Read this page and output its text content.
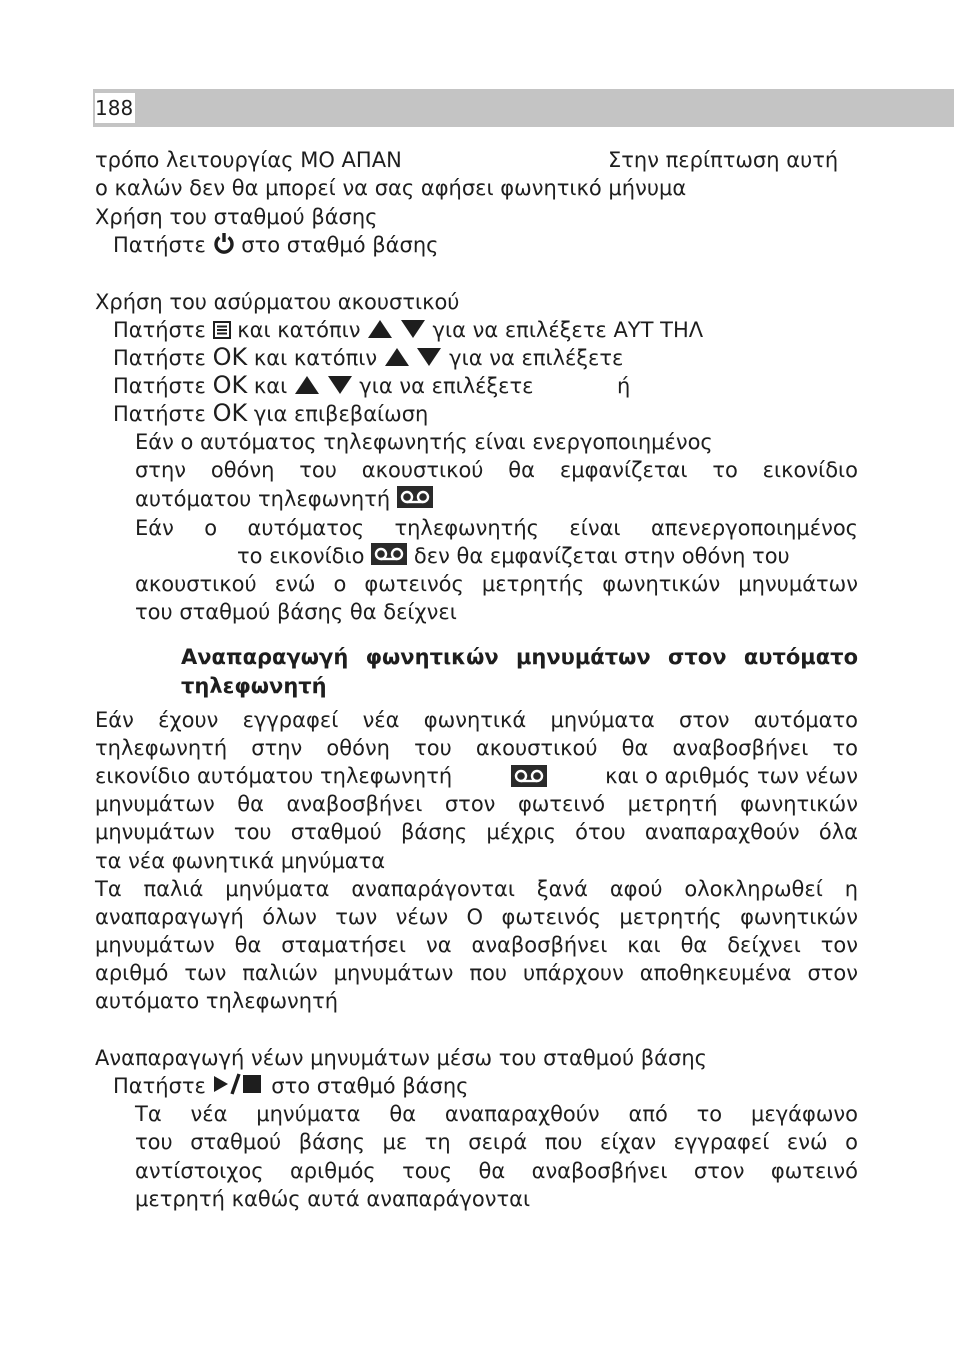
188
τρόπο λειτουργίας ΜΟ ΑΠΑΝ	Στην περίπτωση αυτή
ο καλών δεν θα μπορεί να σας αφήσει φωνητικό μήνυμα
Χρήση του σταθμού βάσης
Πατήστε στο σταθμό βάσης
Χρήση του ασύρματου ακουστικού
Πατήστε και κατόπιν	για να επιλέξετε ΑΥΤ ΤΗΛ
Πατήστε OK και κατόπιν	για να επιλέξετε
Πατήστε OK και	για να επιλέξετε	ή
Πατήστε OK για επιβεβαίωση
Εάν ο αυτόματος τηλεφωνητής είναι ενεργοποιημένος
στην οθόνη του ακουστικού θα εμφανίζεται το εικονίδιο
αυτόματου τηλεφωνητή
Εάν ο αυτόματος τηλεφωνητής είναι απενεργοποιημένος
το εικονίδιο δεν θα εμφανίζεται στην οθόνη του
ακουστικού ενώ ο φωτεινός μετρητής φωνητικών μηνυμάτων
του σταθμού βάσης θα δείχνει
Αναπαραγωγή φωνητικών μηνυμάτων στον αυτόματο
τηλεφωνητή
Εάν έχουν εγγραφεί νέα φωνητικά μηνύματα στον αυτόματο
τηλεφωνητή στην οθόνη του ακουστικού θα αναβοσβήνει το
εικονίδιο αυτόματου τηλεφωνητή	και ο αριθμός των νέων
μηνυμάτων θα αναβοσβήνει στον φωτεινό μετρητή φωνητικών
μηνυμάτων του σταθμού βάσης μέχρις ότου αναπαραχθούν όλα
τα νέα φωνητικά μηνύματα
Τα παλιά μηνύματα αναπαράγονται ξανά αφού ολοκληρωθεί η
αναπαραγωγή όλων των νέων Ο φωτεινός μετρητής φωνητικών
μηνυμάτων θα σταματήσει να αναβοσβήνει και θα δείχνει τον
αριθμό των παλιών μηνυμάτων που υπάρχουν αποθηκευμένα στον
αυτόματο τηλεφωνητή
Αναπαραγωγή νέων μηνυμάτων μέσω του σταθμού βάσης
Πατήστε	στο σταθμό βάσης
Τα νέα μηνύματα θα αναπαραχθούν από το μεγάφωνο
του σταθμού βάσης με τη σειρά που είχαν εγγραφεί ενώ ο
αντίστοιχος αριθμός τους θα αναβοσβήνει στον φωτεινό
μετρητή καθώς αυτά αναπαράγονται
